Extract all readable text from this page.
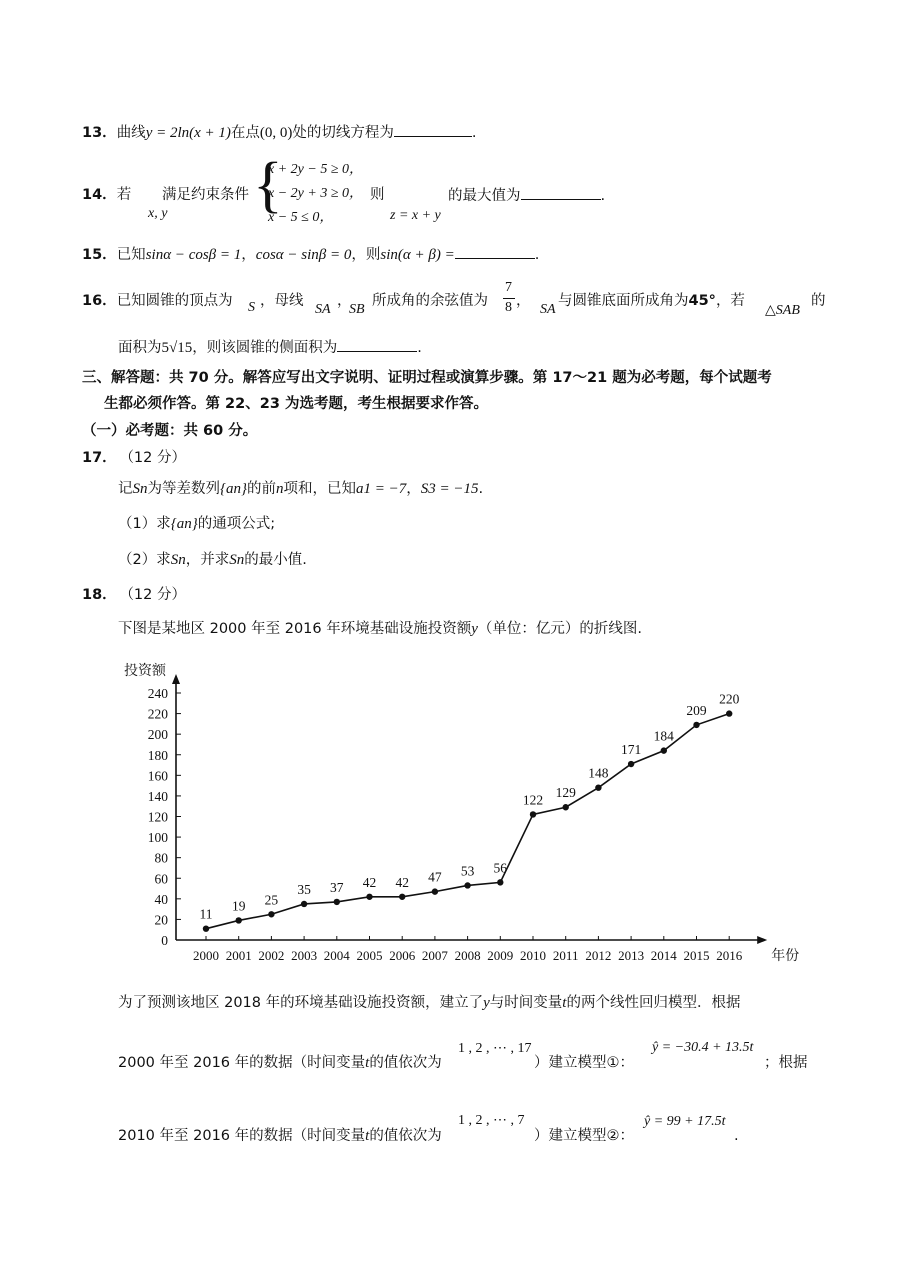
13．曲线y = 2ln(x + 1)在点(0, 0)处的切线方程为	.
14．若
x, y
满足约束条件 {
x + 2y − 5 ≥ 0，
x − 2y + 3 ≥ 0，
x − 5 ≤ 0，
则
z = x + y
的最大值为	.
15．已知sinα − cosβ = 1，cosα − sinβ = 0，则sin(α + β) =	.
16．已知圆锥的顶点为 S ，母线
SA
，
SB
所成角的余弦值为
7
8 ，
SA
与圆锥底面所成角为45°，若
△SAB
的
面积为5√15，则该圆锥的侧面积为	.
三、解答题：共 70 分。解答应写出文字说明、证明过程或演算步骤。第 17～21 题为必考题，每个试题考
生都必须作答。第 22、23 为选考题，考生根据要求作答。
（一）必考题：共 60 分。
17． （12 分）
记Sn为等差数列{an}的前n项和，已知a1 = −7，S3 = −15.
（1）求{an}的通项公式;
（2）求Sn，并求Sn的最小值.
18． （12 分）
下图是某地区 2000 年至 2016 年环境基础设施投资额y（单位：亿元）的折线图.
投资额
年份
0
20
40
60
80
100
120
140
160
180
200
220
240
2000 2001 2002 2003 2004 2005 2006 2007 2008 2009 2010 2011 2012 2013 2014 2015 2016
11
19 25
35 37 42 42 47 53 56
122 129
148
171
184
209
220
为了预测该地区 2018 年的环境基础设施投资额，建立了y与时间变量t的两个线性回归模型．根据
2000 年至 2016 年的数据（时间变量t的值依次为
1 , 2 , ⋯ , 17
）建立模型①：
ŷ = −30.4 + 13.5t
；根据
2010 年至 2016 年的数据（时间变量t的值依次为
1 , 2 , ⋯ , 7
）建立模型②：
ŷ = 99 + 17.5t
.
